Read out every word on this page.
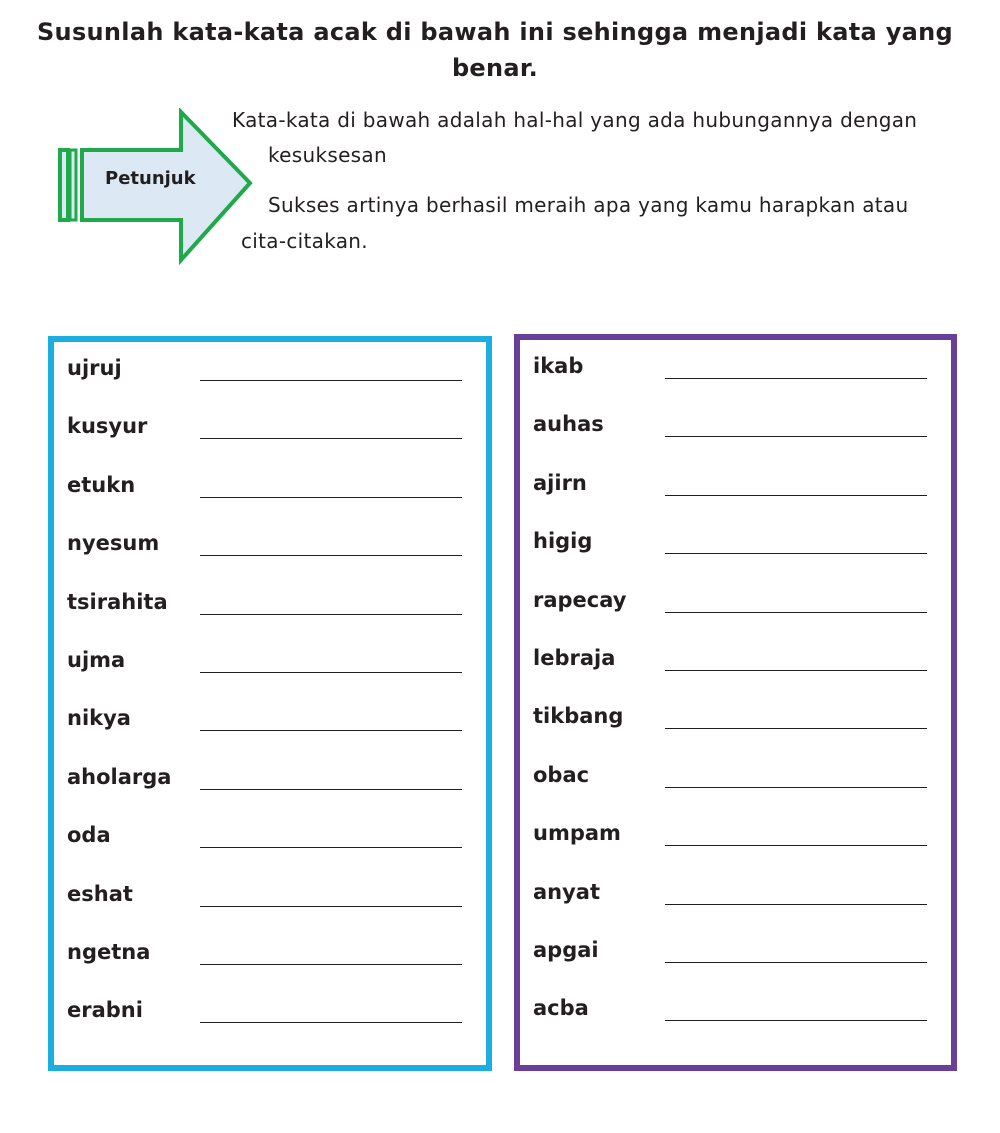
Susunlah kata-kata acak di bawah ini sehingga menjadi kata yang benar.
Petunjuk
Kata-kata di bawah adalah hal-hal yang ada hubungannya dengan
kesuksesan
Sukses artinya berhasil meraih apa yang kamu harapkan atau
cita-citakan.
ujruj
kusyur
etukn
nyesum
tsirahita
ujma
nikya
aholarga
oda
eshat
ngetna
erabni
ikab
auhas
ajirn
higig
rapecay
lebraja
tikbang
obac
umpam
anyat
apgai
acba
